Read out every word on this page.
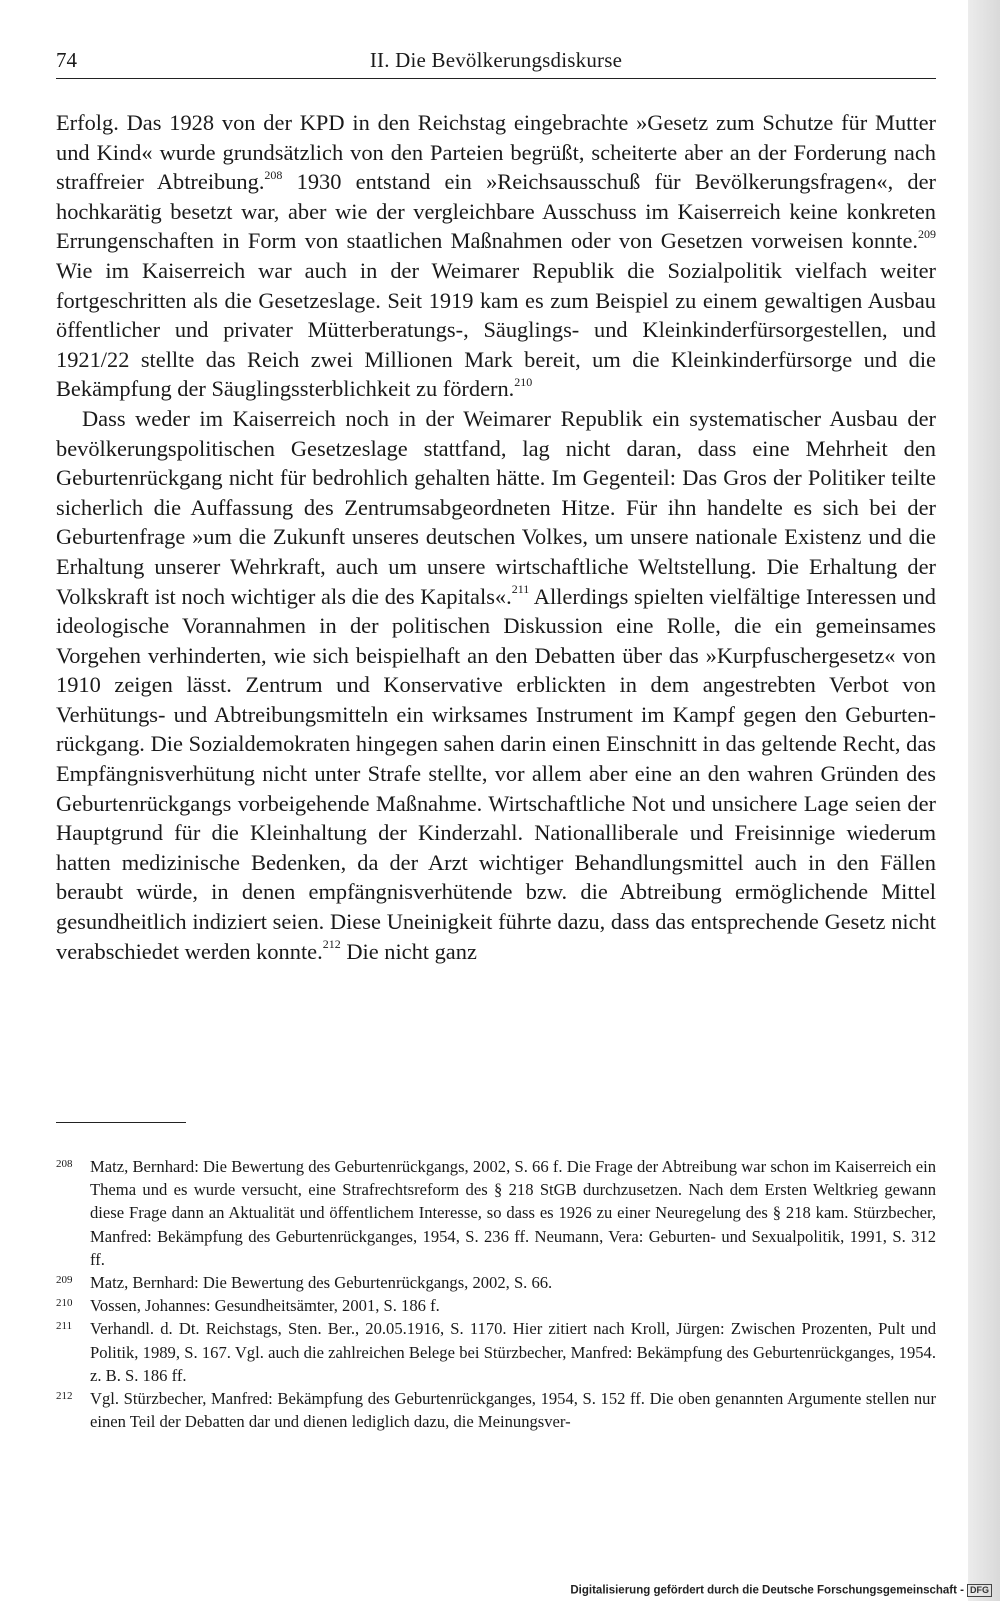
74	II. Die Bevölkerungsdiskurse

Erfolg. Das 1928 von der KPD in den Reichstag eingebrachte »Gesetz zum Schutze für Mutter und Kind« wurde grundsätzlich von den Parteien begrüßt, scheiterte aber an der Forderung nach straffreier Abtreibung.$^{208}$ 1930 entstand ein »Reichsausschuß für Bevölkerungsfragen«, der hochkarätig besetzt war, aber wie der vergleichbare Ausschuss im Kaiserreich keine konkreten Errungenschaften in Form von staatlichen Maßnahmen oder von Gesetzen vorweisen konnte.$^{209}$ Wie im Kaiserreich war auch in der Weimarer Republik die Sozialpolitik vielfach weiter fortgeschritten als die Gesetzeslage. Seit 1919 kam es zum Beispiel zu einem gewaltigen Ausbau öffentlicher und privater Mütterberatungs-, Säuglings- und Kleinkinderfürsorgestellen, und 1921/22 stellte das Reich zwei Millionen Mark bereit, um die Kleinkinderfürsorge und die Bekämpfung der Säuglingssterblichkeit zu fördern.$^{210}$

Dass weder im Kaiserreich noch in der Weimarer Republik ein systematischer Ausbau der bevölkerungspolitischen Gesetzeslage stattfand, lag nicht daran, dass eine Mehrheit den Geburtenrückgang nicht für bedrohlich gehalten hätte. Im Gegenteil: Das Gros der Politiker teilte sicherlich die Auffassung des Zentrumsabgeordneten Hitze. Für ihn handelte es sich bei der Geburtenfrage »um die Zukunft unseres deutschen Volkes, um unsere nationale Existenz und die Erhaltung unserer Wehrkraft, auch um unsere wirtschaftliche Weltstellung. Die Erhaltung der Volkskraft ist noch wichtiger als die des Kapitals«.$^{211}$ Allerdings spielten vielfältige Interessen und ideologische Vorannahmen in der politischen Diskussion eine Rolle, die ein gemeinsames Vorgehen verhinderten, wie sich beispielhaft an den Debatten über das »Kurpfuschergesetz« von 1910 zeigen lässt. Zentrum und Konservative erblickten in dem angestrebten Verbot von Verhütungs- und Abtreibungsmitteln ein wirksames Instrument im Kampf gegen den Geburtenrückgang. Die Sozialdemokraten hingegen sahen darin einen Einschnitt in das geltende Recht, das Empfängnisverhütung nicht unter Strafe stellte, vor allem aber eine an den wahren Gründen des Geburtenrückgangs vorbeigehende Maßnahme. Wirtschaftliche Not und unsichere Lage seien der Hauptgrund für die Kleinhaltung der Kinderzahl. Nationalliberale und Freisinnige wiederum hatten medizinische Bedenken, da der Arzt wichtiger Behandlungsmittel auch in den Fällen beraubt würde, in denen empfängnisverhütende bzw. die Abtreibung ermöglichende Mittel gesundheitlich indiziert seien. Diese Uneinigkeit führte dazu, dass das entsprechende Gesetz nicht verabschiedet werden konnte.$^{212}$ Die nicht ganz

208	Matz, Bernhard: Die Bewertung des Geburtenrückgangs, 2002, S. 66 f. Die Frage der Abtreibung war schon im Kaiserreich ein Thema und es wurde versucht, eine Strafrechtsreform des § 218 StGB durchzusetzen. Nach dem Ersten Weltkrieg gewann diese Frage dann an Aktualität und öffentlichem Interesse, so dass es 1926 zu einer Neuregelung des § 218 kam. Stürzbecher, Manfred: Bekämpfung des Geburtenrückganges, 1954, S. 236 ff. Neumann, Vera: Geburten- und Sexualpolitik, 1991, S. 312 ff.
209	Matz, Bernhard: Die Bewertung des Geburtenrückgangs, 2002, S. 66.
210	Vossen, Johannes: Gesundheitsämter, 2001, S. 186 f.
211	Verhandl. d. Dt. Reichstags, Sten. Ber., 20.05.1916, S. 1170. Hier zitiert nach Kroll, Jürgen: Zwischen Prozenten, Pult und Politik, 1989, S. 167. Vgl. auch die zahlreichen Belege bei Stürzbecher, Manfred: Bekämpfung des Geburtenrückganges, 1954. z. B. S. 186 ff.
212	Vgl. Stürzbecher, Manfred: Bekämpfung des Geburtenrückganges, 1954, S. 152 ff. Die oben genannten Argumente stellen nur einen Teil der Debatten dar und dienen lediglich dazu, die Meinungsver-
Digitalisierung gefördert durch die Deutsche Forschungsgemeinschaft - DFG
